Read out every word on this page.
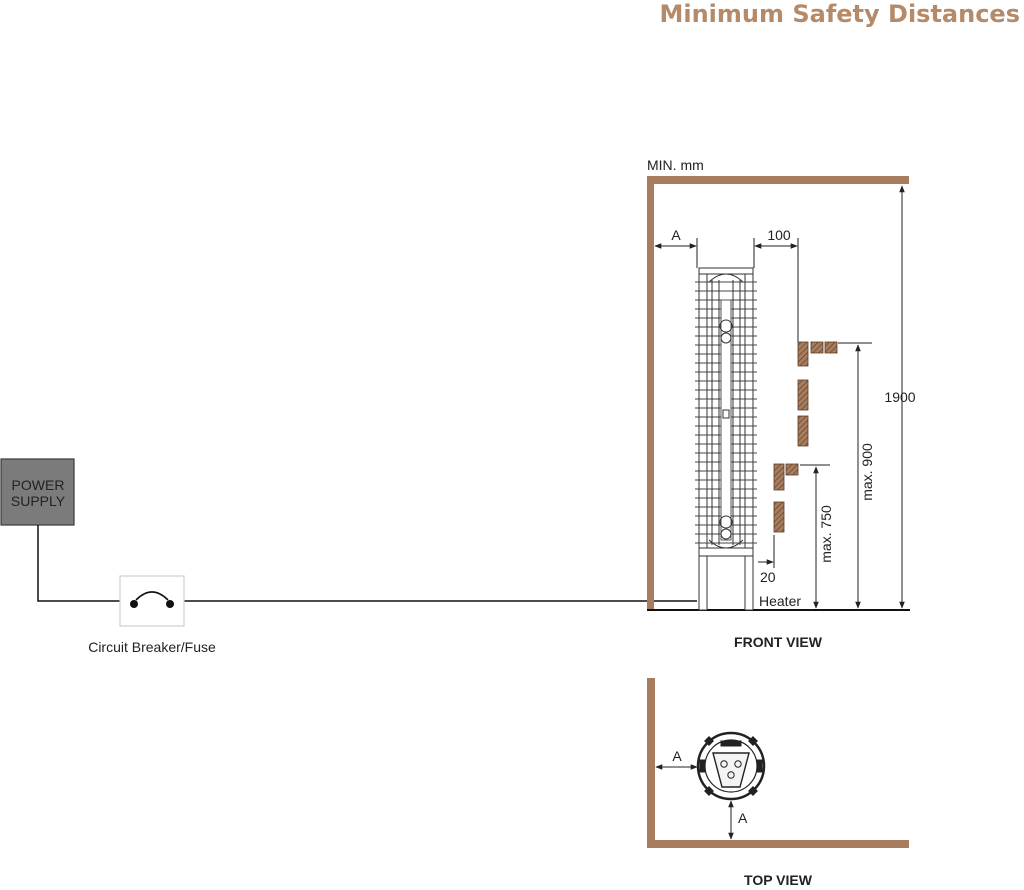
Minimum Safety Distances
POWER
SUPPLY
Circuit Breaker/Fuse
MIN. mm
A	100
1900
max. 900
max. 750
20
Heater
FRONT VIEW
A
A
TOP VIEW
